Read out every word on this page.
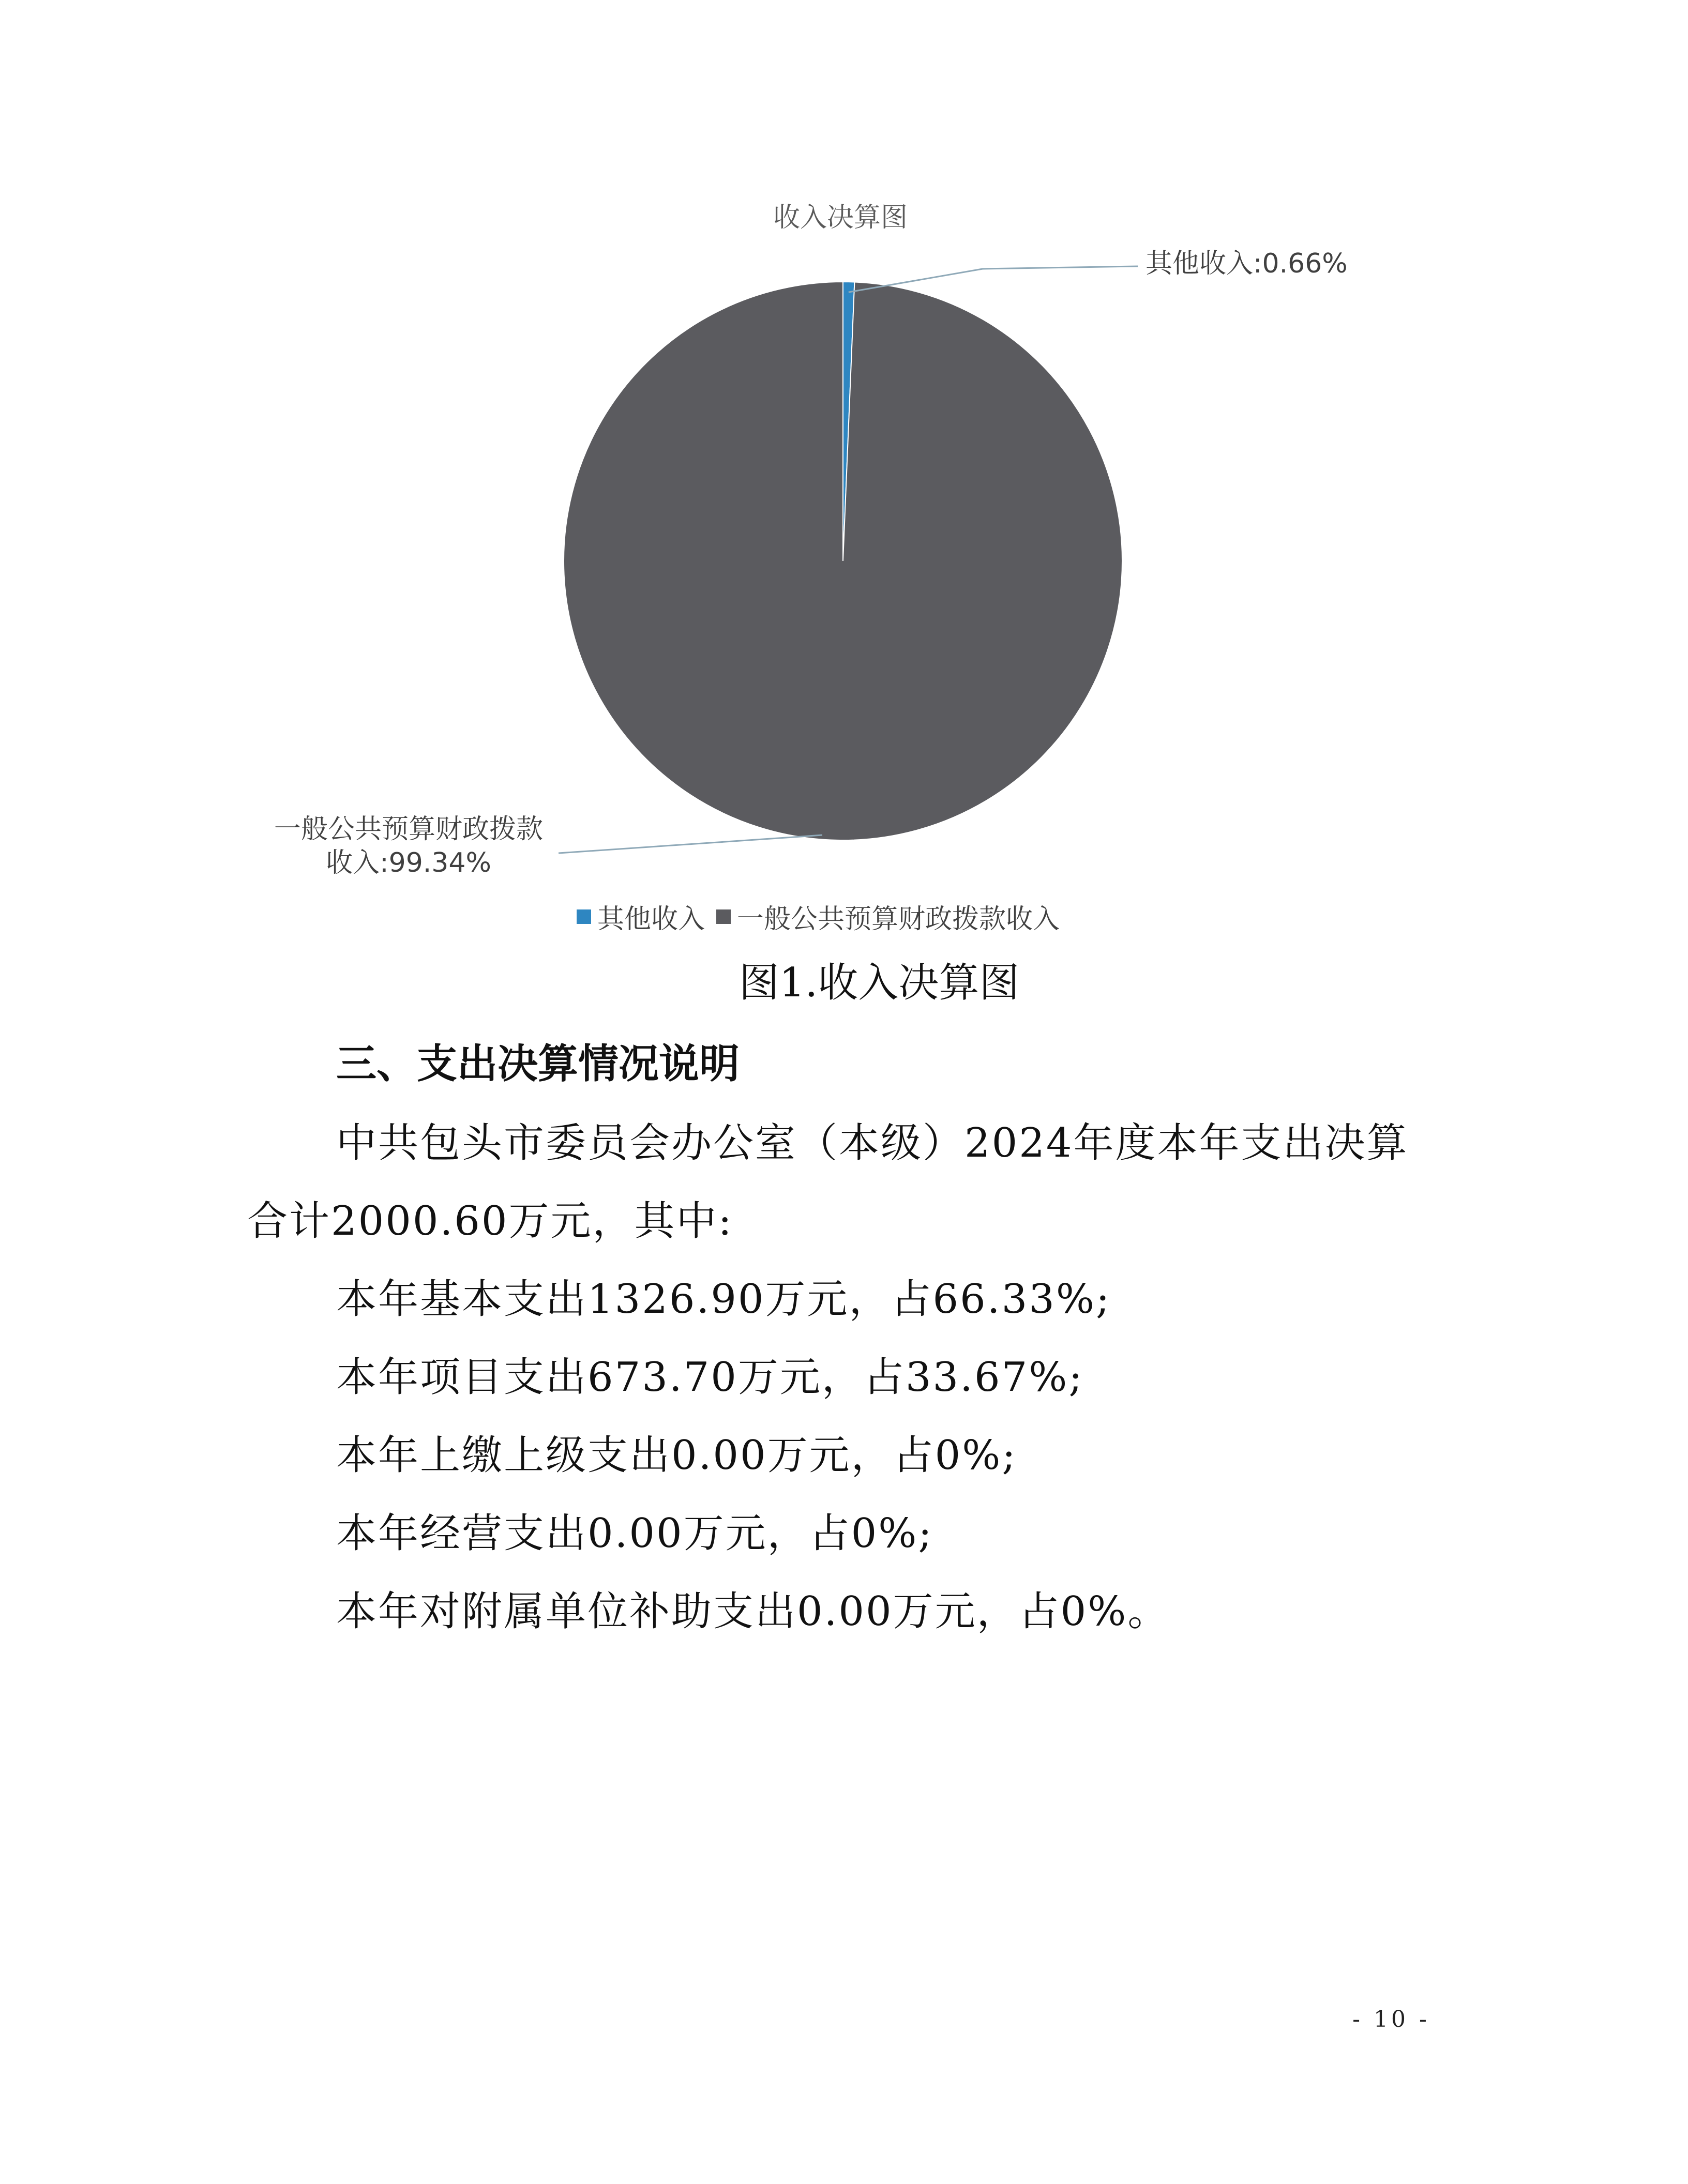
收入决算图
其他收入:0.66%
一般公共预算财政拨款
收入:99.34%
其他收入 一般公共预算财政拨款收入
图1.收入决算图
三、支出决算情况说明
中共包头市委员会办公室（本级）2024年度本年支出决算
合计2000.60万元，其中:
本年基本支出1326.90万元，占66.33%;
本年项目支出673.70万元，占33.67%;
本年上缴上级支出0.00万元，占0%;
本年经营支出0.00万元，占0%;
本年对附属单位补助支出0.00万元，占0%。
- 10 -
